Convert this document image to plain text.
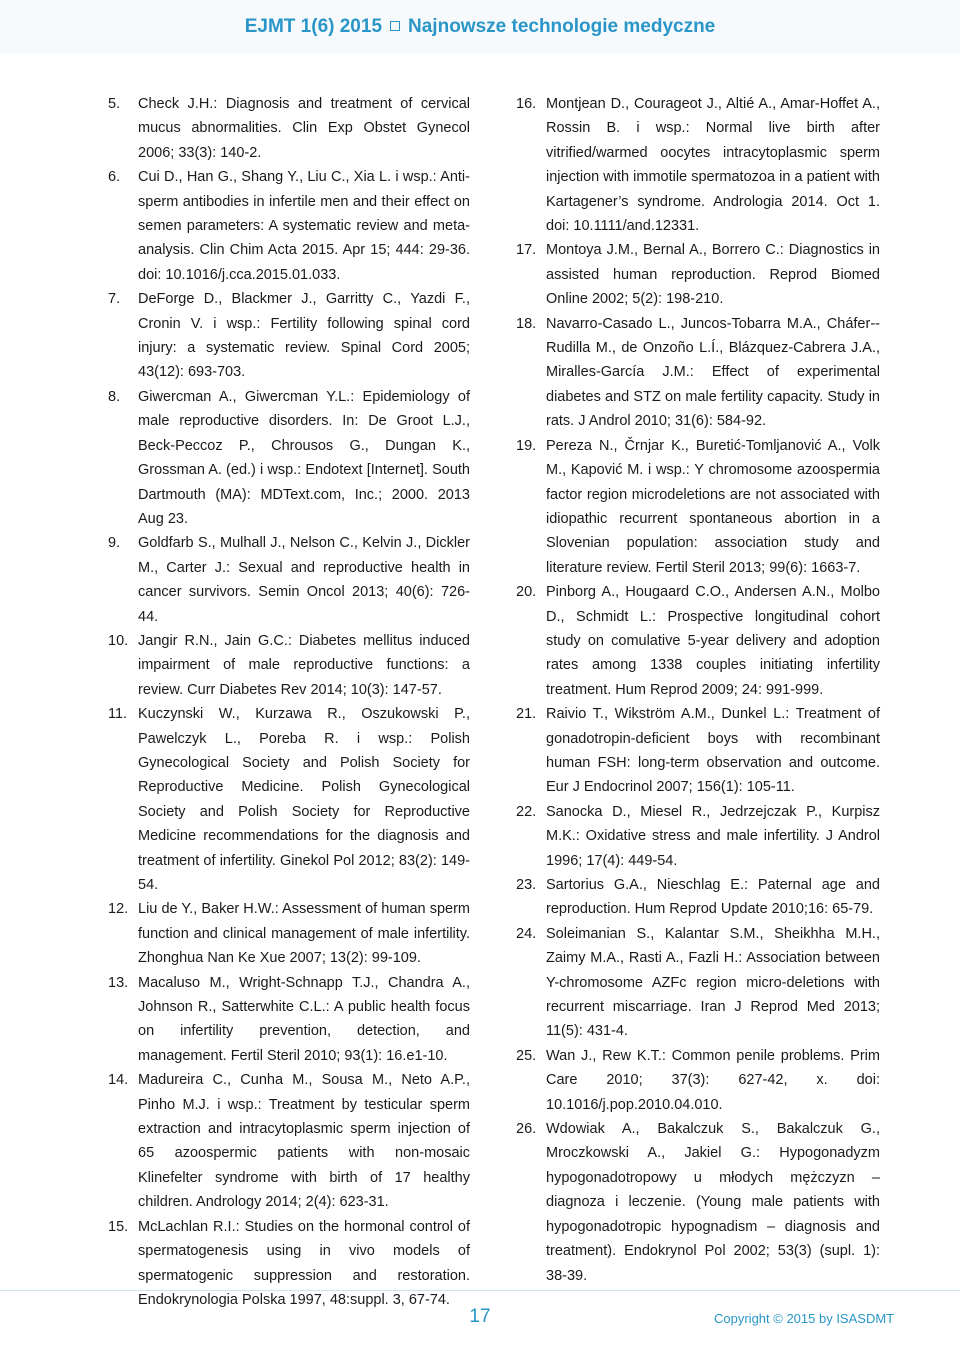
EJMT 1(6) 2015 Najnowsze technologie medyczne
5. Check J.H.: Diagnosis and treatment of cervical mucus abnormalities. Clin Exp Obstet Gynecol 2006; 33(3): 140-2.
6. Cui D., Han G., Shang Y., Liu C., Xia L. i wsp.: Anti-sperm antibodies in infertile men and their effect on semen parameters: A systematic review and meta-analysis. Clin Chim Acta 2015. Apr 15; 444: 29-36. doi: 10.1016/j.cca.2015.01.033.
7. DeForge D., Blackmer J., Garritty C., Yazdi F., Cronin V. i wsp.: Fertility following spinal cord injury: a systematic review. Spinal Cord 2005; 43(12): 693-703.
8. Giwercman A., Giwercman Y.L.: Epidemiology of male reproductive disorders. In: De Groot L.J., Beck-Peccoz P., Chrousos G., Dungan K., Grossman A. (ed.) i wsp.: Endotext [Internet]. South Dartmouth (MA): MDText.com, Inc.; 2000. 2013 Aug 23.
9. Goldfarb S., Mulhall J., Nelson C., Kelvin J., Dickler M., Carter J.: Sexual and reproductive health in cancer survivors. Semin Oncol 2013; 40(6): 726-44.
10. Jangir R.N., Jain G.C.: Diabetes mellitus induced impairment of male reproductive functions: a review. Curr Diabetes Rev 2014; 10(3): 147-57.
11. Kuczynski W., Kurzawa R., Oszukowski P., Pawelczyk L., Poreba R. i wsp.: Polish Gynecological Society and Polish Society for Reproductive Medicine. Polish Gynecological Society and Polish Society for Reproductive Medicine recommendations for the diagnosis and treatment of infertility. Ginekol Pol 2012; 83(2): 149-54.
12. Liu de Y., Baker H.W.: Assessment of human sperm function and clinical management of male infertility. Zhonghua Nan Ke Xue 2007; 13(2): 99-109.
13. Macaluso M., Wright-Schnapp T.J., Chandra A., Johnson R., Satterwhite C.L.: A public health focus on infertility prevention, detection, and management. Fertil Steril 2010; 93(1): 16.e1-10.
14. Madureira C., Cunha M., Sousa M., Neto A.P., Pinho M.J. i wsp.: Treatment by testicular sperm extraction and intracytoplasmic sperm injection of 65 azoospermic patients with non-mosaic Klinefelter syndrome with birth of 17 healthy children. Andrology 2014; 2(4): 623-31.
15. McLachlan R.I.: Studies on the hormonal control of spermatogenesis using in vivo models of spermatogenic suppression and restoration. Endokrynologia Polska 1997, 48:suppl. 3, 67-74.
16. Montjean D., Courageot J., Altié A., Amar-Hoffet A., Rossin B. i wsp.: Normal live birth after vitrified/warmed oocytes intracytoplasmic sperm injection with immotile spermatozoa in a patient with Kartagener’s syndrome. Andrologia 2014. Oct 1. doi: 10.1111/and.12331.
17. Montoya J.M., Bernal A., Borrero C.: Diagnostics in assisted human reproduction. Reprod Biomed Online 2002; 5(2): 198-210.
18. Navarro-Casado L., Juncos-Tobarra M.A., Cháfer--Rudilla M., de Onzoño L.Í., Blázquez-Cabrera J.A., Miralles-García J.M.: Effect of experimental diabetes and STZ on male fertility capacity. Study in rats. J Androl 2010; 31(6): 584-92.
19. Pereza N., Črnjar K., Buretić-Tomljanović A., Volk M., Kapović M. i wsp.: Y chromosome azoospermia factor region microdeletions are not associated with idiopathic recurrent spontaneous abortion in a Slovenian population: association study and literature review. Fertil Steril 2013; 99(6): 1663-7.
20. Pinborg A., Hougaard C.O., Andersen A.N., Molbo D., Schmidt L.: Prospective longitudinal cohort study on comulative 5-year delivery and adoption rates among 1338 couples initiating infertility treatment. Hum Reprod 2009; 24: 991-999.
21. Raivio T., Wikström A.M., Dunkel L.: Treatment of gonadotropin-deficient boys with recombinant human FSH: long-term observation and outcome. Eur J Endocrinol 2007; 156(1): 105-11.
22. Sanocka D., Miesel R., Jedrzejczak P., Kurpisz M.K.: Oxidative stress and male infertility. J Androl 1996; 17(4): 449-54.
23. Sartorius G.A., Nieschlag E.: Paternal age and reproduction. Hum Reprod Update 2010;16: 65-79.
24. Soleimanian S., Kalantar S.M., Sheikhha M.H., Zaimy M.A., Rasti A., Fazli H.: Association between Y-chromosome AZFc region micro-deletions with recurrent miscarriage. Iran J Reprod Med 2013; 11(5): 431-4.
25. Wan J., Rew K.T.: Common penile problems. Prim Care 2010; 37(3): 627-42, x. doi: 10.1016/j.pop.2010.04.010.
26. Wdowiak A., Bakalczuk S., Bakalczuk G., Mroczkowski A., Jakiel G.: Hypogonadyzm hypogonadotropowy u młodych mężczyzn – diagnoza i leczenie. (Young male patients with hypogonadotropic hypognadism – diagnosis and treatment). Endokrynol Pol 2002; 53(3) (supl. 1): 38-39.
17	Copyright © 2015 by ISASDMT
